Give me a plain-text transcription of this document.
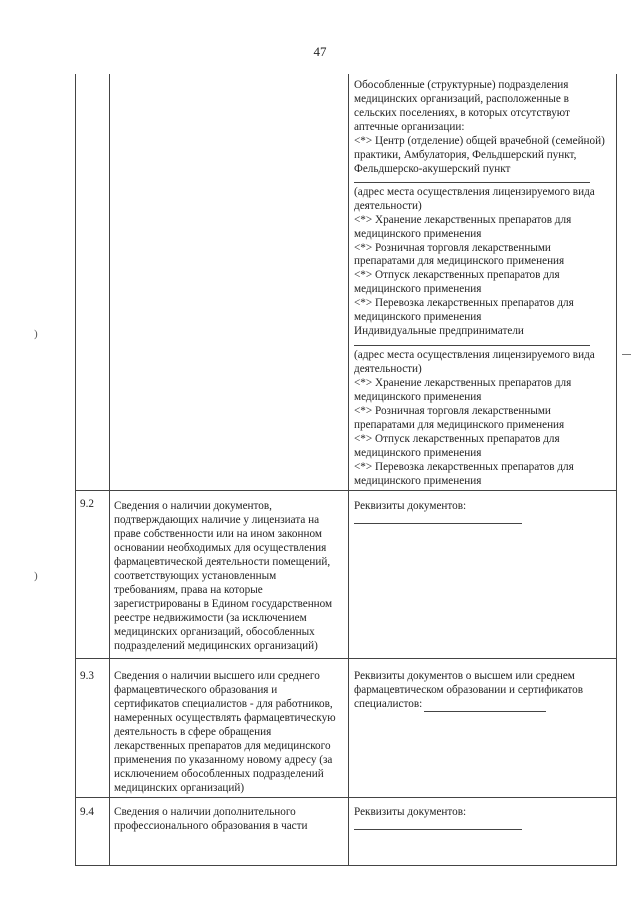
47
Обособленные (структурные) подразделения
медицинских организаций, расположенные в
сельских поселениях, в которых отсутствуют
аптечные организации:
<*> Центр (отделение) общей врачебной (семейной)
практики, Амбулатория, Фельдшерский пункт,
Фельдшерско-акушерский пункт
(адрес места осуществления лицензируемого вида
деятельности)
<*> Хранение лекарственных препаратов для
медицинского применения
<*> Розничная торговля лекарственными
препаратами для медицинского применения
<*> Отпуск лекарственных препаратов для
медицинского применения
<*> Перевозка лекарственных препаратов для
медицинского применения
Индивидуальные предприниматели
(адрес места осуществления лицензируемого вида
деятельности)
<*> Хранение лекарственных препаратов для
медицинского применения
<*> Розничная торговля лекарственными
препаратами для медицинского применения
<*> Отпуск лекарственных препаратов для
медицинского применения
<*> Перевозка лекарственных препаратов для
медицинского применения
9.2 Сведения о наличии документов,
подтверждающих наличие у лицензиата на
праве собственности или на ином законном
основании необходимых для осуществления
фармацевтической деятельности помещений,
соответствующих установленным
требованиям, права на которые
зарегистрированы в Едином государственном
реестре недвижимости (за исключением
медицинских организаций, обособленных
подразделений медицинских организаций)
Реквизиты документов:
9.3 Сведения о наличии высшего или среднего
фармацевтического образования и
сертификатов специалистов - для работников,
намеренных осуществлять фармацевтическую
деятельность в сфере обращения
лекарственных препаратов для медицинского
применения по указанному новому адресу (за
исключением обособленных подразделений
медицинских организаций)
Реквизиты документов о высшем или среднем
фармацевтическом образовании и сертификатов
специалистов:
9.4 Сведения о наличии дополнительного
профессионального образования в части
Реквизиты документов:
)
)
